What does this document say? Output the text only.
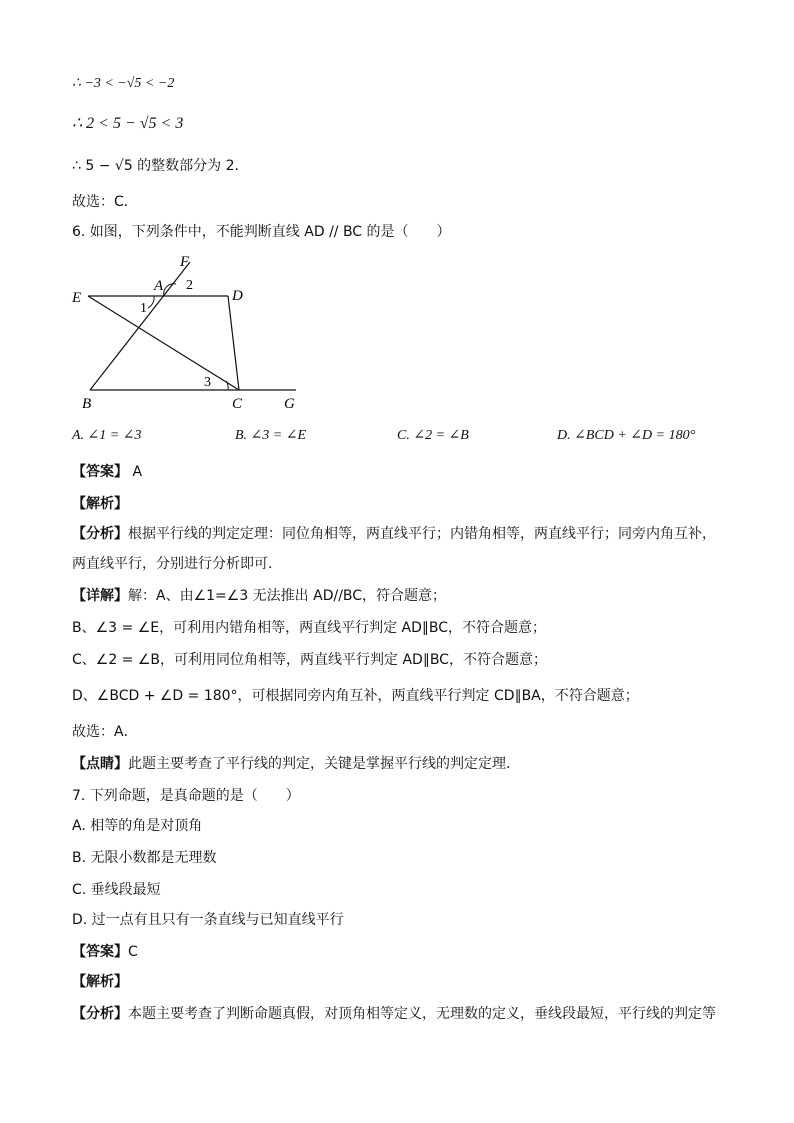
∴ −3 < −√5 < −2
∴ 2 < 5 − √5 < 3
∴ 5 − √5 的整数部分为 2．
故选：C．
6. 如图，下列条件中，不能判断直线 AD // BC 的是（　　）
F
A
D
E
B	C	G
2
1
3
A. ∠1 = ∠3	B. ∠3 = ∠E	C. ∠2 = ∠B	D. ∠BCD + ∠D = 180°
【答案】 A
【解析】
【分析】根据平行线的判定定理：同位角相等，两直线平行；内错角相等，两直线平行；同旁内角互补，
两直线平行，分别进行分析即可．
【详解】解：A、由∠1=∠3 无法推出 AD//BC，符合题意；
B、∠3 = ∠E，可利用内错角相等，两直线平行判定 AD∥BC，不符合题意；
C、∠2 = ∠B，可利用同位角相等，两直线平行判定 AD∥BC，不符合题意；
D、∠BCD + ∠D = 180°，可根据同旁内角互补，两直线平行判定 CD∥BA，不符合题意；
故选：A．
【点睛】此题主要考查了平行线的判定，关键是掌握平行线的判定定理．
7. 下列命题，是真命题的是（　　）
A. 相等的角是对顶角
B. 无限小数都是无理数
C. 垂线段最短
D. 过一点有且只有一条直线与已知直线平行
【答案】C
【解析】
【分析】本题主要考查了判断命题真假，对顶角相等定义，无理数的定义，垂线段最短，平行线的判定等
